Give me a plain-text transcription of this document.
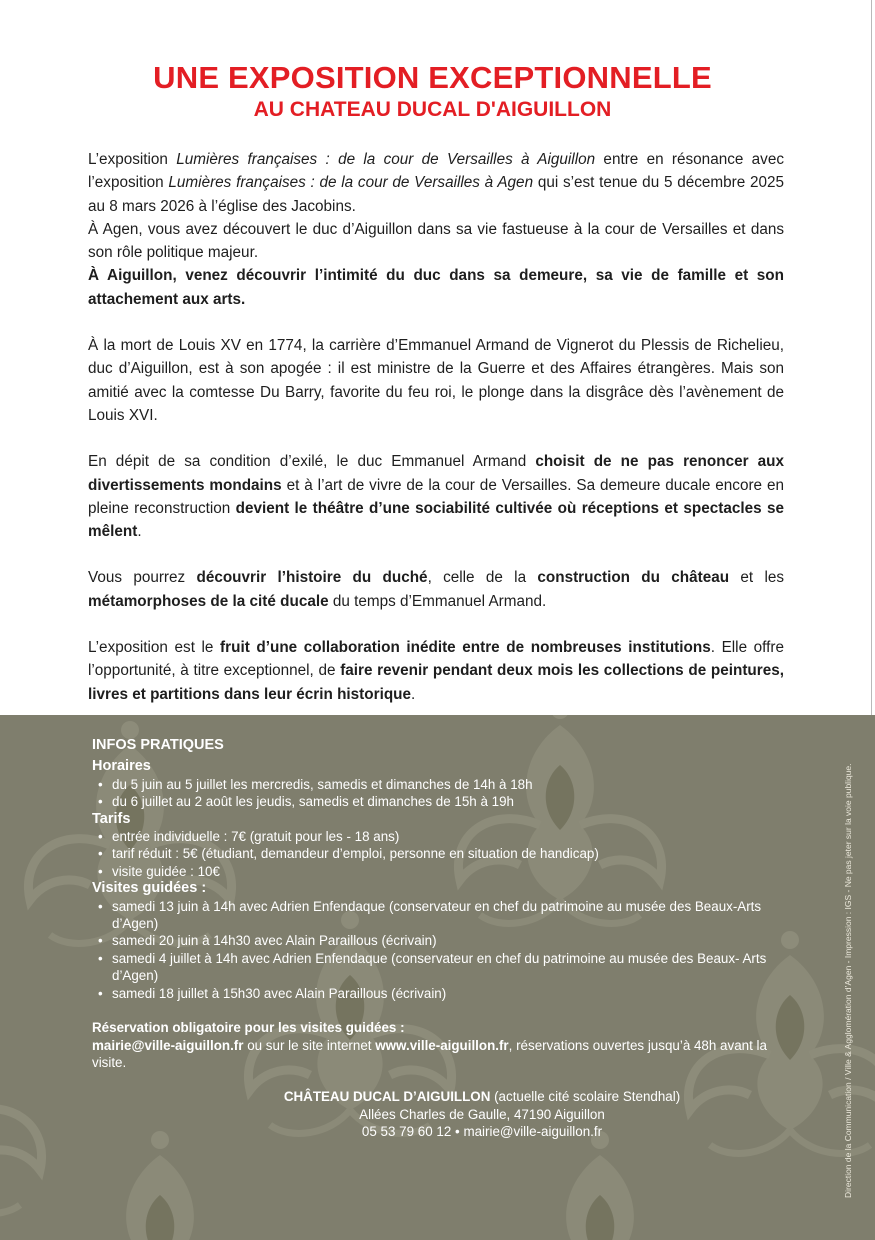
UNE EXPOSITION EXCEPTIONNELLE
AU CHATEAU DUCAL D'AIGUILLON

L’exposition Lumières françaises : de la cour de Versailles à Aiguillon entre en résonance avec l’exposition Lumières françaises : de la cour de Versailles à Agen qui s’est tenue du 5 décembre 2025 au 8 mars 2026 à l’église des Jacobins.

À Agen, vous avez découvert le duc d’Aiguillon dans sa vie fastueuse à la cour de Versailles et dans son rôle politique majeur.

À Aiguillon, venez découvrir l’intimité du duc dans sa demeure, sa vie de famille et son attachement aux arts.

À la mort de Louis XV en 1774, la carrière d’Emmanuel Armand de Vignerot du Plessis de Richelieu, duc d’Aiguillon, est à son apogée : il est ministre de la Guerre et des Affaires étrangères. Mais son amitié avec la comtesse Du Barry, favorite du feu roi, le plonge dans la disgrâce dès l’avènement de Louis XVI.

En dépit de sa condition d’exilé, le duc Emmanuel Armand choisit de ne pas renoncer aux divertissements mondains et à l’art de vivre de la cour de Versailles. Sa demeure ducale encore en pleine reconstruction devient le théâtre d’une sociabilité cultivée où réceptions et spectacles se mêlent.

Vous pourrez découvrir l’histoire du duché, celle de la construction du château et les métamorphoses de la cité ducale du temps d’Emmanuel Armand.

L’exposition est le fruit d’une collaboration inédite entre de nombreuses institutions. Elle offre l’opportunité, à titre exceptionnel, de faire revenir pendant deux mois les collections de peintures, livres et partitions dans leur écrin historique.

INFOS PRATIQUES
Horaires
• du 5 juin au 5 juillet les mercredis, samedis et dimanches de 14h à 18h
• du 6 juillet au 2 août les jeudis, samedis et dimanches de 15h à 19h
Tarifs
• entrée individuelle : 7€ (gratuit pour les - 18 ans)
• tarif réduit : 5€ (étudiant, demandeur d’emploi, personne en situation de handicap)
• visite guidée : 10€
Visites guidées :
• samedi 13 juin à 14h avec Adrien Enfendaque (conservateur en chef du patrimoine au musée des Beaux-Arts d’Agen)
• samedi 20 juin à 14h30 avec Alain Paraillous (écrivain)
• samedi 4 juillet à 14h avec Adrien Enfendaque (conservateur en chef du patrimoine au musée des Beaux- Arts d’Agen)
• samedi 18 juillet à 15h30 avec Alain Paraillous (écrivain)
Réservation obligatoire pour les visites guidées :
mairie@ville-aiguillon.fr ou sur le site internet www.ville-aiguillon.fr, réservations ouvertes jusqu’à 48h avant la visite.
CHÂTEAU DUCAL D’AIGUILLON (actuelle cité scolaire Stendhal)
Allées Charles de Gaulle, 47190 Aiguillon
05 53 79 60 12 • mairie@ville-aiguillon.fr	Direction de la Communication / Ville & Agglomération d’Agen - Impression : IGS - Ne pas jeter sur la voie publique.
